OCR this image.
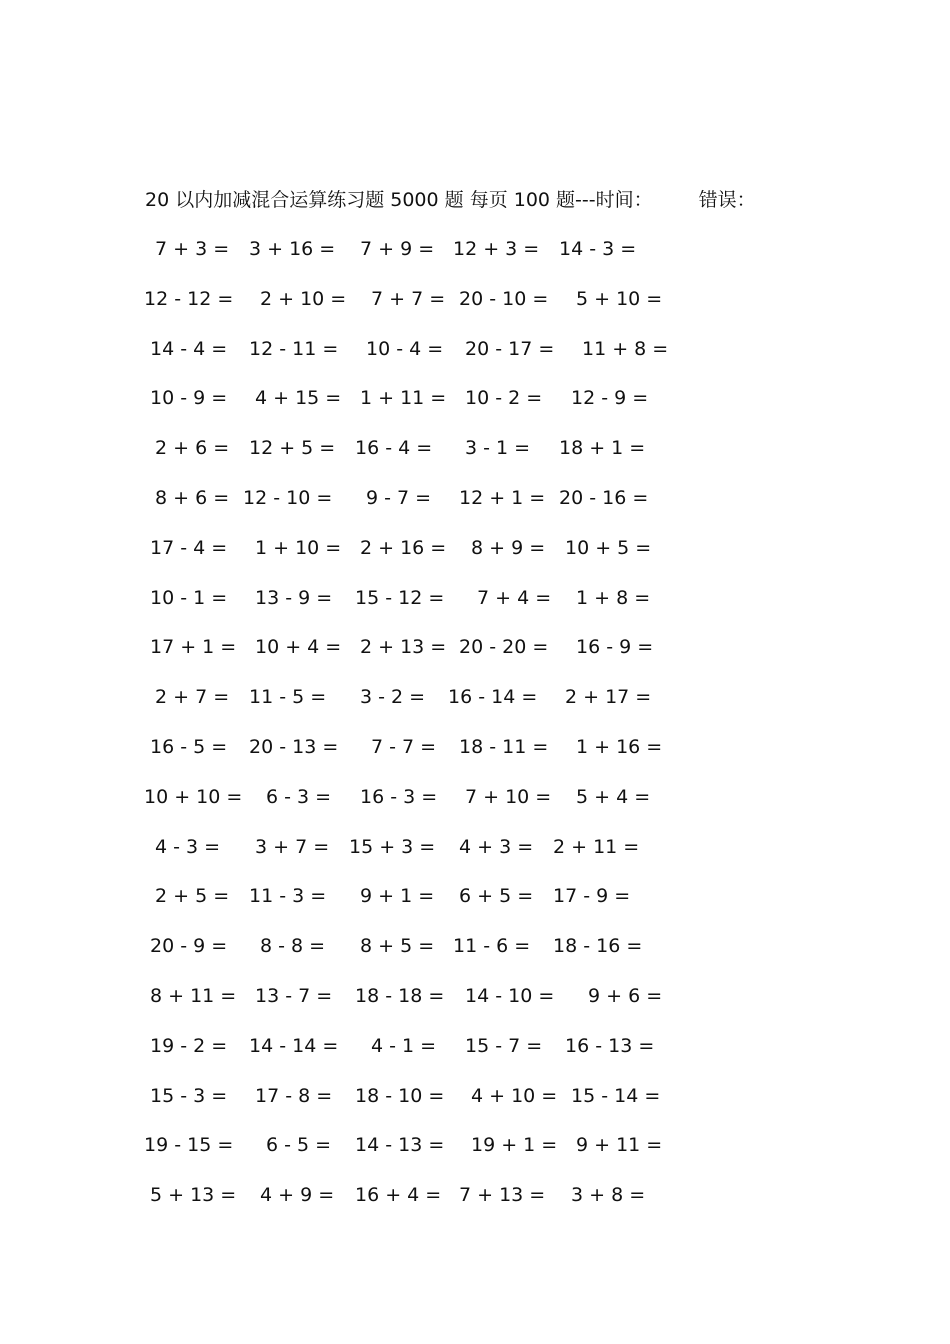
20 以内加减混合运算练习题 5000 题 每页 100 题---时间： 错误：
7 + 3 = 3 + 16 = 7 + 9 = 12 + 3 = 14 - 3 =
12 - 12 = 2 + 10 = 7 + 7 = 20 - 10 = 5 + 10 =
14 - 4 = 12 - 11 = 10 - 4 = 20 - 17 = 11 + 8 =
10 - 9 = 4 + 15 = 1 + 11 = 10 - 2 = 12 - 9 =
2 + 6 = 12 + 5 = 16 - 4 = 3 - 1 = 18 + 1 =
8 + 6 = 12 - 10 = 9 - 7 = 12 + 1 = 20 - 16 =
17 - 4 = 1 + 10 = 2 + 16 = 8 + 9 = 10 + 5 =
10 - 1 = 13 - 9 = 15 - 12 = 7 + 4 = 1 + 8 =
17 + 1 = 10 + 4 = 2 + 13 = 20 - 20 = 16 - 9 =
2 + 7 = 11 - 5 = 3 - 2 = 16 - 14 = 2 + 17 =
16 - 5 = 20 - 13 = 7 - 7 = 18 - 11 = 1 + 16 =
10 + 10 = 6 - 3 = 16 - 3 = 7 + 10 = 5 + 4 =
4 - 3 = 3 + 7 = 15 + 3 = 4 + 3 = 2 + 11 =
2 + 5 = 11 - 3 = 9 + 1 = 6 + 5 = 17 - 9 =
20 - 9 = 8 - 8 = 8 + 5 = 11 - 6 = 18 - 16 =
8 + 11 = 13 - 7 = 18 - 18 = 14 - 10 = 9 + 6 =
19 - 2 = 14 - 14 = 4 - 1 = 15 - 7 = 16 - 13 =
15 - 3 = 17 - 8 = 18 - 10 = 4 + 10 = 15 - 14 =
19 - 15 = 6 - 5 = 14 - 13 = 19 + 1 = 9 + 11 =
5 + 13 = 4 + 9 = 16 + 4 = 7 + 13 = 3 + 8 =
